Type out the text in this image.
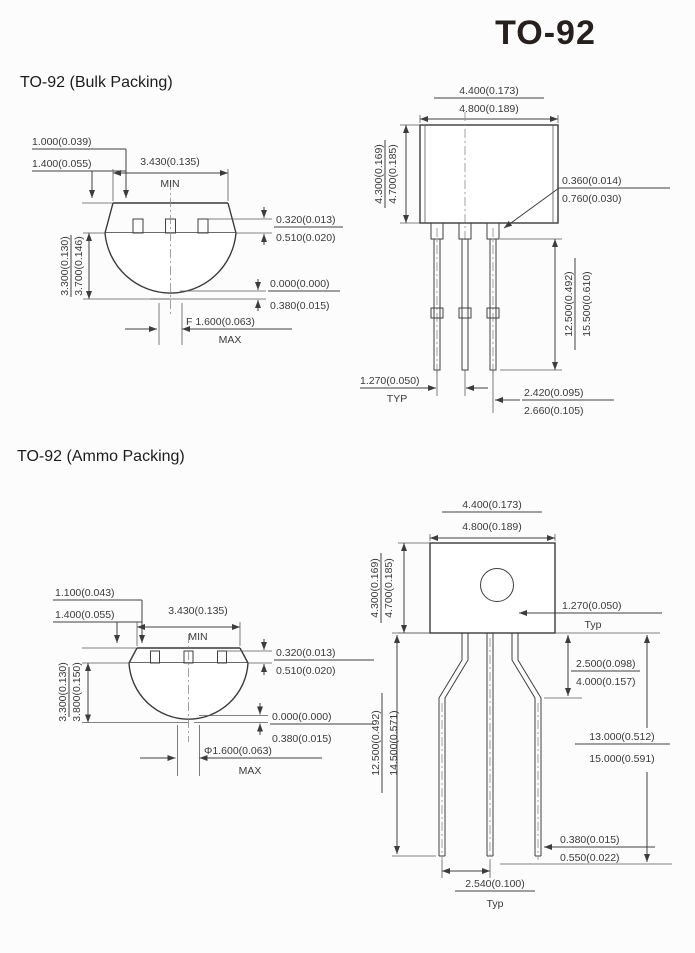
TO-92
TO-92 (Bulk Packing)
TO-92 (Ammo Packing)
1.000(0.039)
1.400(0.055)	3.430(0.135)
MIN
3.300(0.130) 3.700(0.146)
0.320(0.013)
0.510(0.020)
0.000(0.000)
0.380(0.015)
F 1.600(0.063)
MAX
4.400(0.173)
4.800(0.189)
4.300(0.169) 4.700(0.185)	0.360(0.014)
0.760(0.030)
12.500(0.492) 15.500(0.610)
1.270(0.050)
TYP	2.420(0.095)
2.660(0.105)
1.100(0.043)
1.400(0.055)	3.430(0.135)
MIN
3.300(0.130) 3.800(0.150)
0.320(0.013)
0.510(0.020)
0.000(0.000)
0.380(0.015)
Φ1.600(0.063)
MAX
4.400(0.173)
4.800(0.189)
4.300(0.169) 4.700(0.185)	1.270(0.050)
Typ
2.500(0.098)
4.000(0.157)
13.000(0.512)
15.000(0.591)
12.500(0.492) 14.500(0.571)
0.380(0.015)
0.550(0.022)
2.540(0.100)
Typ
